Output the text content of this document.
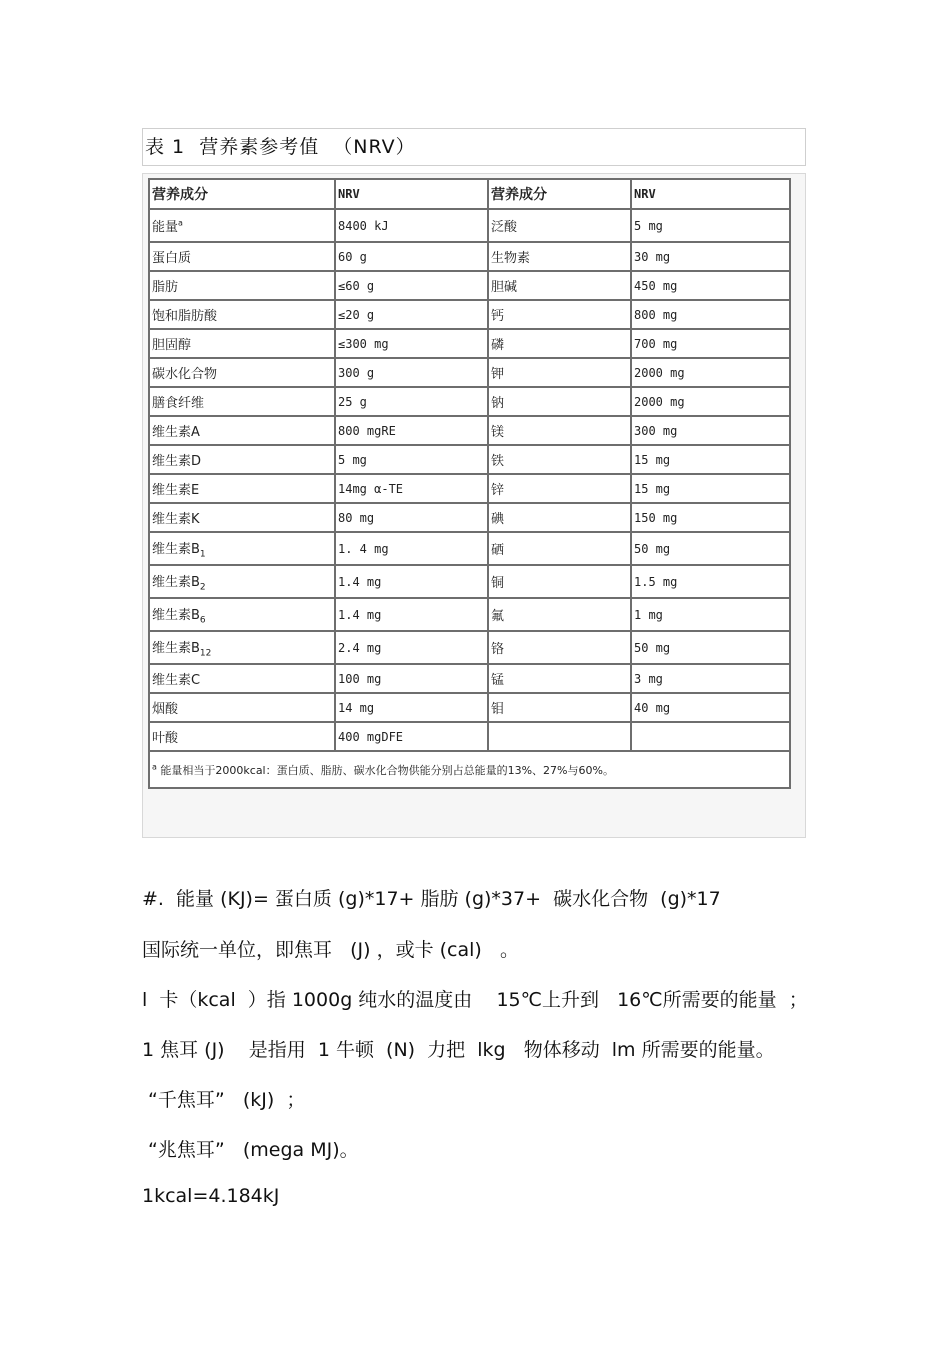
表 1  营养素参考值  （NRV）
营养成分	NRV	营养成分	NRV
能量$^a$	8400 kJ	泛酸	5 mg
蛋白质	60 g	生物素	30 mg
脂肪	≤60 g	胆碱	450 mg
饱和脂肪酸	≤20 g	钙	800 mg
胆固醇	≤300 mg	磷	700 mg
碳水化合物	300 g	钾	2000 mg
膳食纤维	25 g	钠	2000 mg
维生素A	800 mgRE	镁	300 mg
维生素D	5 mg	铁	15 mg
维生素E	14mg α-TE	锌	15 mg
维生素K	80 mg	碘	150 mg
维生素$B_1$	1. 4 mg	硒	50 mg
维生素$B_2$	1.4 mg	铜	1.5 mg
维生素$B_6$	1.4 mg	氟	1 mg
维生素$B_{12}$	2.4 mg	铬	50 mg
维生素C	100 mg	锰	3 mg
烟酸	14 mg	钼	40 mg
叶酸	400 mgDFE		
$^a$ 能量相当于2000kcal：蛋白质、脂肪、碳水化合物供能分别占总能量的13%、27%与60%。			
#.  能量 (KJ)= 蛋白质 (g)*17+ 脂肪 (g)*37+  碳水化合物  (g)*17
国际统一单位，即焦耳   (J) ，或卡 (cal)   。
l  卡（kcal  ）指 1000g 纯水的温度由    15℃上升到   16℃所需要的能量  ；
1 焦耳 (J)    是指用  1 牛顿  (N)  力把  lkg   物体移动  lm 所需要的能量。
“千焦耳”   (kJ)  ；
“兆焦耳”   (mega MJ)。
1kcal=4.184kJ
